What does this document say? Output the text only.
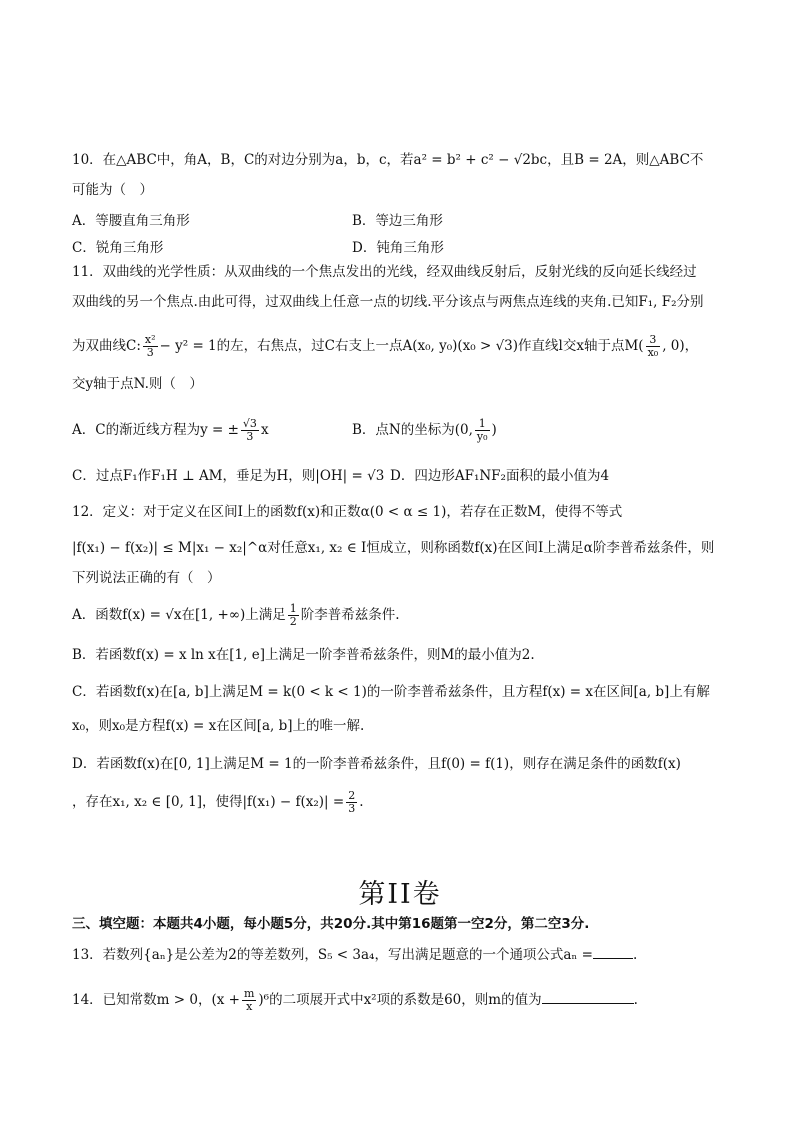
10．在△ABC中，角A，B，C的对边分别为a，b，c，若a² = b² + c² − √2bc，且B = 2A，则△ABC不
可能为（　）
A．等腰直角三角形	B．等边三角形
C．锐角三角形	D．钝角三角形
11．双曲线的光学性质：从双曲线的一个焦点发出的光线，经双曲线反射后，反射光线的反向延长线经过
双曲线的另一个焦点.由此可得，过双曲线上任意一点的切线.平分该点与两焦点连线的夹角.已知F₁, F₂分别
为双曲线C: $\frac{\text{x²}}{3} - y^2 = 1$的左，右焦点，过C右支上一点A(x₀, y₀)(x₀ > √3)作直线l交x轴于点$M( \frac{3}{\text{x₀}}$ , 0)，
交y轴于点N.则（　）
A．C的渐近线方程为y = ± $\frac{√3}{3}$ x	B．点N的坐标为(0, $\frac{1}{\text{y₀}}$ )
C．过点F₁作F₁H ⊥ AM，垂足为H，则|OH| = √3 D．四边形AF₁NF₂面积的最小值为4
12．定义：对于定义在区间I上的函数f(x)和正数α(0 < α ≤ 1)，若存在正数M，使得不等式
|f(x₁) − f(x₂)| ≤ M|x₁ − x₂|^α对任意x₁, x₂ ∈ I恒成立，则称函数f(x)在区间I上满足α阶李普希兹条件，则
下列说法正确的有（　）
A．函数f(x) = √x在[1, +∞)上满足 $\frac{1}{2}$ 阶李普希兹条件.
B．若函数f(x) = x ln x在[1, e]上满足一阶李普希兹条件，则M的最小值为2.
C．若函数f(x)在[a, b]上满足M = k(0 < k < 1)的一阶李普希兹条件，且方程f(x) = x在区间[a, b]上有解
x₀，则x₀是方程f(x) = x在区间[a, b]上的唯一解.
D．若函数f(x)在[0, 1]上满足M = 1的一阶李普希兹条件，且f(0) = f(1)，则存在满足条件的函数f(x)
，存在x₁, x₂ ∈ [0, 1]，使得$|f(x_1) - f(x_2)| = \frac{2}{3}$ .
第II卷
三、填空题：本题共4小题，每小题5分，共20分.其中第16题第一空2分，第二空3分.
13．若数列{aₙ}是公差为2的等差数列，S₅ < 3a₄，写出满足题意的一个通项公式aₙ =	.
14．已知常数m > 0，$(x + \frac{m}{x} )^6$的二项展开式中x²项的系数是60，则m的值为	.
